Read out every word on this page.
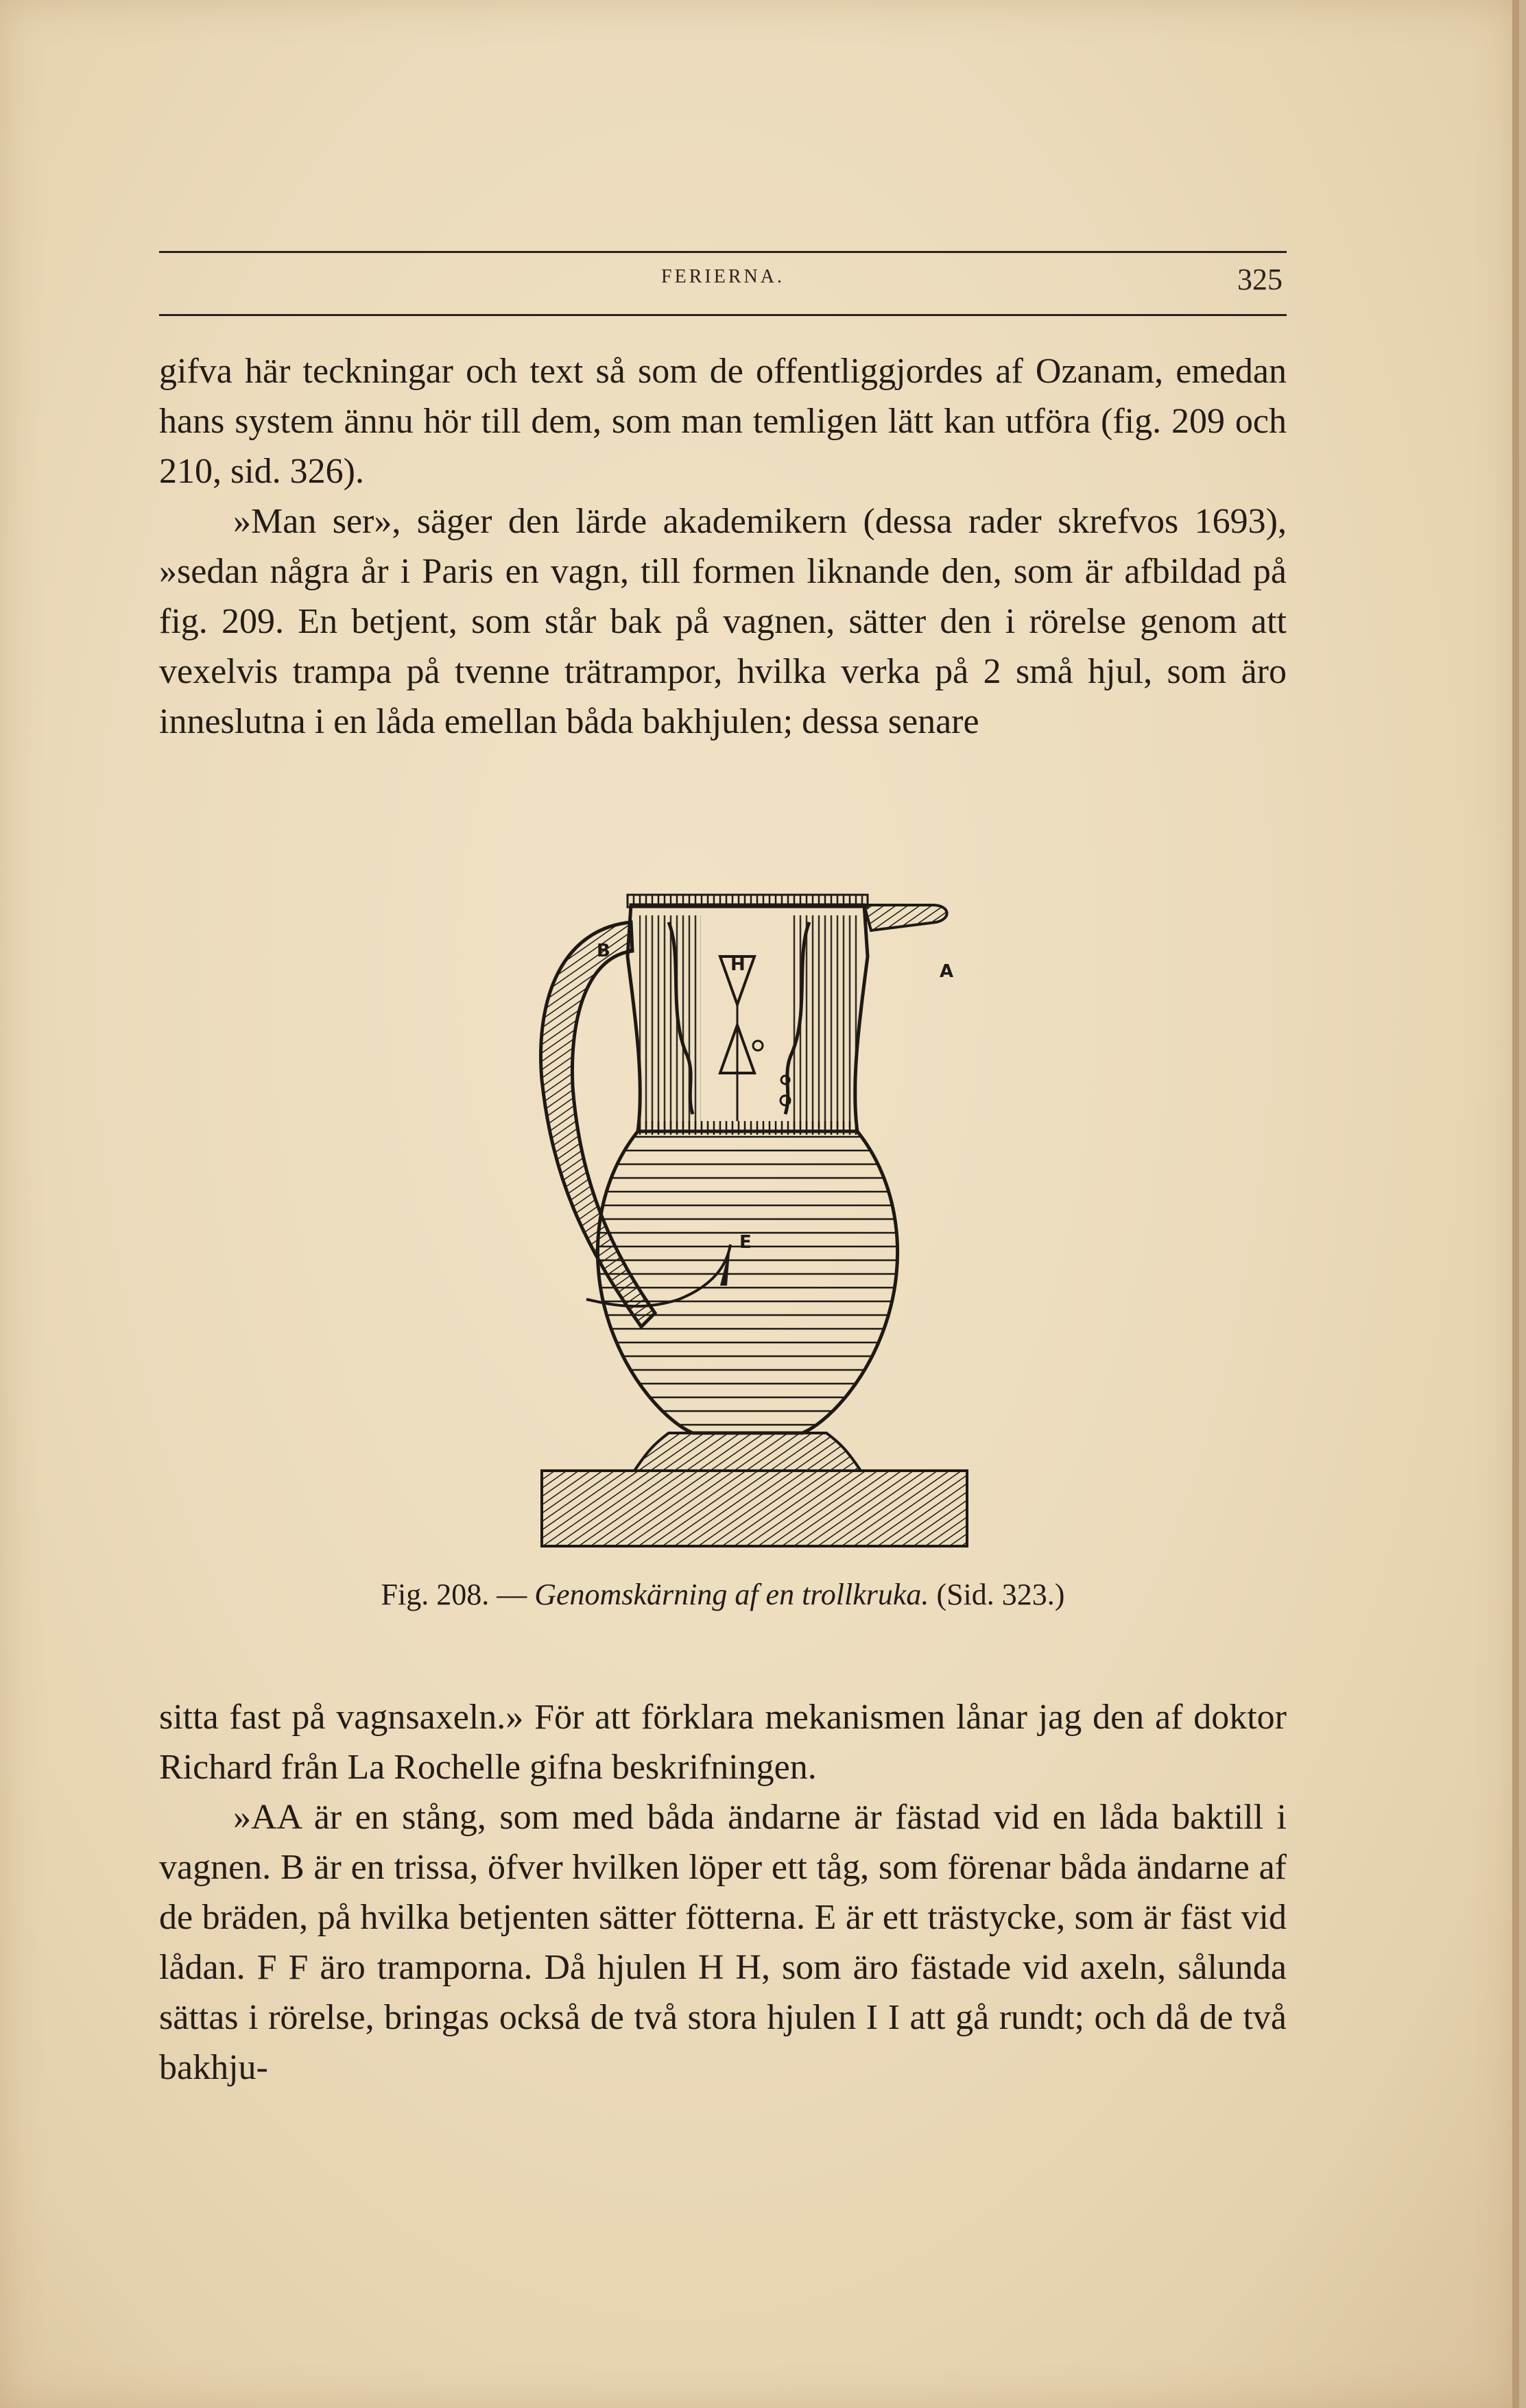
FERIERNA.	325

gifva här teckningar och text så som de offentliggjordes af Ozanam, emedan hans system ännu hör till dem, som man temligen lätt kan utföra (fig. 209 och 210, sid. 326).

»Man ser», säger den lärde akademikern (dessa rader skrefvos 1693), »sedan några år i Paris en vagn, till formen liknande den, som är afbildad på fig. 209. En betjent, som står bak på vagnen, sätter den i rörelse genom att vexelvis trampa på tvenne trätrampor, hvilka verka på 2 små hjul, som äro inneslutna i en låda emellan båda bakhjulen; dessa senare

B
A
E
H
Fig. 208. — Genomskärning af en trollkruka. (Sid. 323.)

sitta fast på vagnsaxeln.» För att förklara mekanismen lånar jag den af doktor Richard från La Rochelle gifna beskrifningen.

»AA är en stång, som med båda ändarne är fästad vid en låda baktill i vagnen. B är en trissa, öfver hvilken löper ett tåg, som förenar båda ändarne af de bräden, på hvilka betjenten sätter fötterna. E är ett trästycke, som är fäst vid lådan. F F äro tramporna. Då hjulen H H, som äro fästade vid axeln, sålunda sättas i rörelse, bringas också de två stora hjulen I I att gå rundt; och då de två bakhju-
